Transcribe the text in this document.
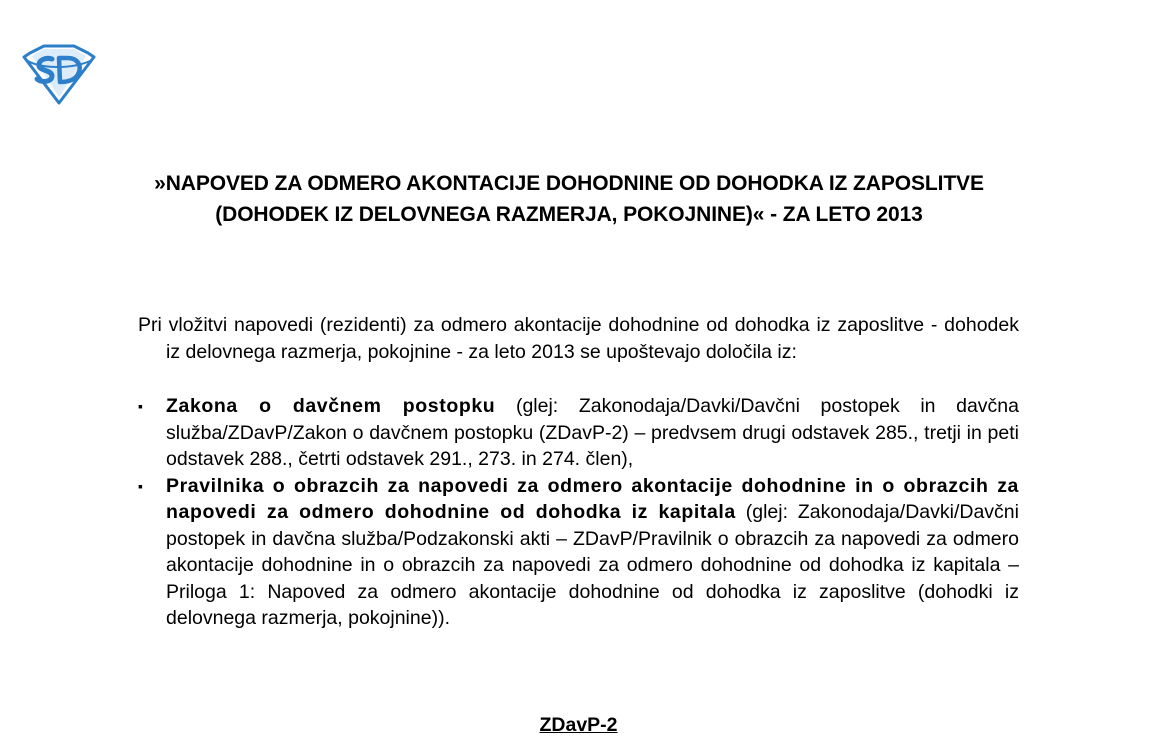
»NAPOVED ZA ODMERO AKONTACIJE DOHODNINE OD DOHODKA IZ ZAPOSLITVE (DOHODEK IZ DELOVNEGA RAZMERJA, POKOJNINE)« - ZA LETO 2013

Pri vložitvi napovedi (rezidenti) za odmero akontacije dohodnine od dohodka iz zaposlitve - dohodek iz delovnega razmerja, pokojnine - za leto 2013 se upoštevajo določila iz:

▪	Zakona o davčnem postopku (glej: Zakonodaja/Davki/Davčni postopek in davčna služba/ZDavP/Zakon o davčnem postopku (ZDavP-2) – predvsem drugi odstavek 285., tretji in peti odstavek 288., četrti odstavek 291., 273. in 274. člen),
▪	Pravilnika o obrazcih za napovedi za odmero akontacije dohodnine in o obrazcih za napovedi za odmero dohodnine od dohodka iz kapitala (glej: Zakonodaja/Davki/Davčni postopek in davčna služba/Podzakonski akti – ZDavP/Pravilnik o obrazcih za napovedi za odmero akontacije dohodnine in o obrazcih za napovedi za odmero dohodnine od dohodka iz kapitala – Priloga 1: Napoved za odmero akontacije dohodnine od dohodka iz zaposlitve (dohodki iz delovnega razmerja, pokojnine)).
ZDavP-2
